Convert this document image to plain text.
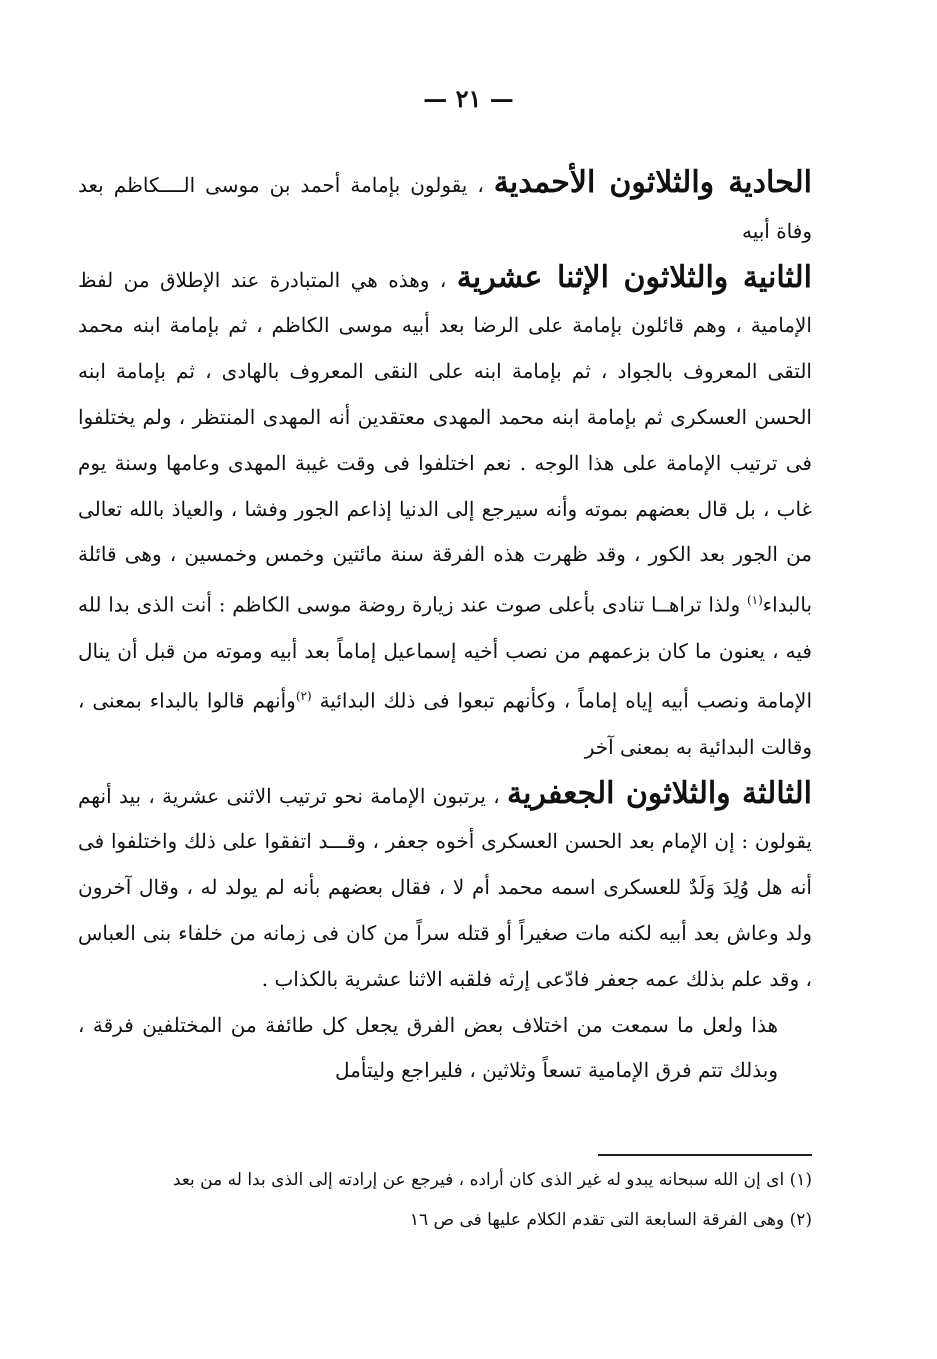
— ٢١ —

الحادية والثلاثون الأحمدية ، يقولون بإمامة أحمد بن موسى الــــكاظم بعد وفاة أبيه

الثانية والثلاثون الإثنا عشرية ، وهذه هي المتبادرة عند الإطلاق من لفظ الإمامية ، وهم قائلون بإمامة على الرضا بعد أبيه موسى الكاظم ، ثم بإمامة ابنه محمد التقى المعروف بالجواد ، ثم بإمامة ابنه على النقى المعروف بالهادى ، ثم بإمامة ابنه الحسن العسكرى ثم بإمامة ابنه محمد المهدى معتقدين أنه المهدى المنتظر ، ولم يختلفوا فى ترتيب الإمامة على هذا الوجه . نعم اختلفوا فى وقت غيبة المهدى وعامها وسنة يوم غاب ، بل قال بعضهم بموته وأنه سيرجع إلى الدنيا إذاعم الجور وفشا ، والعياذ بالله تعالى من الجور بعد الكور ، وقد ظهرت هذه الفرقة سنة مائتين وخمس وخمسين ، وهى قائلة بالبداء$^{(١)}$ ولذا تراهــا تنادى بأعلى صوت عند زيارة روضة موسى الكاظم : أنت الذى بدا لله فيه ، يعنون ما كان بزعمهم من نصب أخيه إسماعيل إماماً بعد أبيه وموته من قبل أن ينال الإمامة ونصب أبيه إياه إماماً ، وكأنهم تبعوا فى ذلك البدائية $^{(٢)}$وأنهم قالوا بالبداء بمعنى ، وقالت البدائية به بمعنى آخر

الثالثة والثلاثون الجعفرية ، يرتبون الإمامة نحو ترتيب الاثنى عشرية ، بيد أنهم يقولون : إن الإمام بعد الحسن العسكرى أخوه جعفر ، وقـــد اتفقوا على ذلك واختلفوا فى أنه هل وُلِدَ وَلَدٌ للعسكرى اسمه محمد أم لا ، فقال بعضهم بأنه لم يولد له ، وقال آخرون ولد وعاش بعد أبيه لكنه مات صغيراً أو قتله سراً من كان فى زمانه من خلفاء بنى العباس ، وقد علم بذلك عمه جعفر فادّعى إرثه فلقبه الاثنا عشرية بالكذاب .

هذا ولعل ما سمعت من اختلاف بعض الفرق يجعل كل طائفة من المختلفين فرقة ، وبذلك تتم فرق الإمامية تسعاً وثلاثين ، فليراجع وليتأمل

(١) اى إن الله سبحانه يبدو له غير الذى كان أراده ، فيرجع عن إرادته إلى الذى بدا له من بعد

(٢) وهى الفرقة السابعة التى تقدم الكلام عليها فى ص ١٦
